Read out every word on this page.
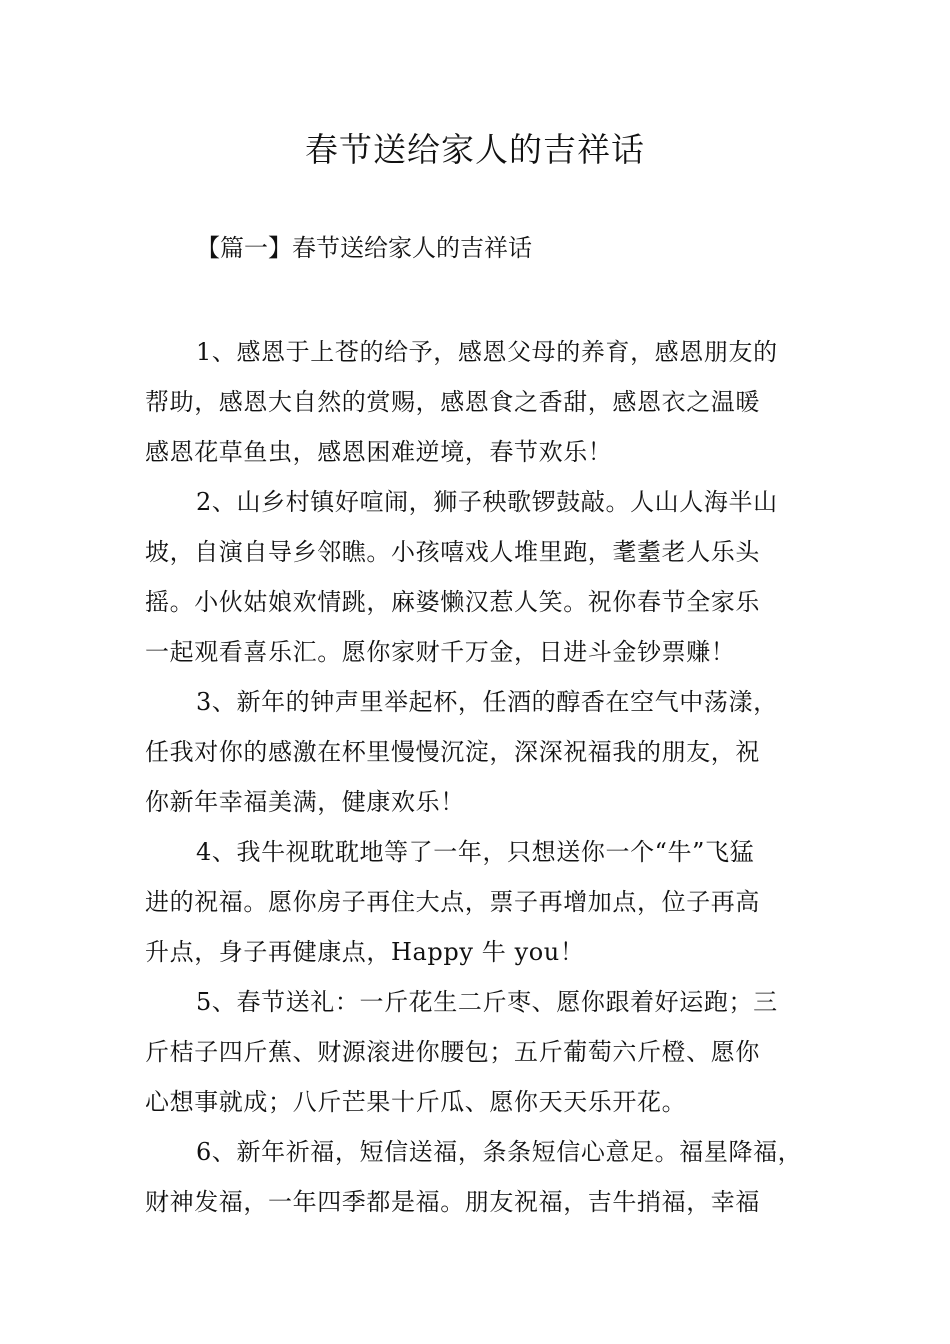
春节送给家人的吉祥话
【篇一】春节送给家人的吉祥话
1、感恩于上苍的给予，感恩父母的养育，感恩朋友的
帮助，感恩大自然的赏赐，感恩食之香甜，感恩衣之温暖
感恩花草鱼虫，感恩困难逆境，春节欢乐！
2、山乡村镇好喧闹，狮子秧歌锣鼓敲。人山人海半山
坡，自演自导乡邻瞧。小孩嘻戏人堆里跑，耄耋老人乐头
摇。小伙姑娘欢情跳，麻婆懒汉惹人笑。祝你春节全家乐
一起观看喜乐汇。愿你家财千万金，日进斗金钞票赚！
3、新年的钟声里举起杯，任酒的醇香在空气中荡漾，
任我对你的感激在杯里慢慢沉淀，深深祝福我的朋友，祝
你新年幸福美满，健康欢乐！
4、我牛视耽耽地等了一年，只想送你一个“牛”飞猛
进的祝福。愿你房子再住大点，票子再增加点，位子再高
升点，身子再健康点，Happy 牛 you！
5、春节送礼：一斤花生二斤枣、愿你跟着好运跑；三
斤桔子四斤蕉、财源滚进你腰包；五斤葡萄六斤橙、愿你
心想事就成；八斤芒果十斤瓜、愿你天天乐开花。
6、新年祈福，短信送福，条条短信心意足。福星降福，
财神发福，一年四季都是福。朋友祝福，吉牛捎福，幸福
